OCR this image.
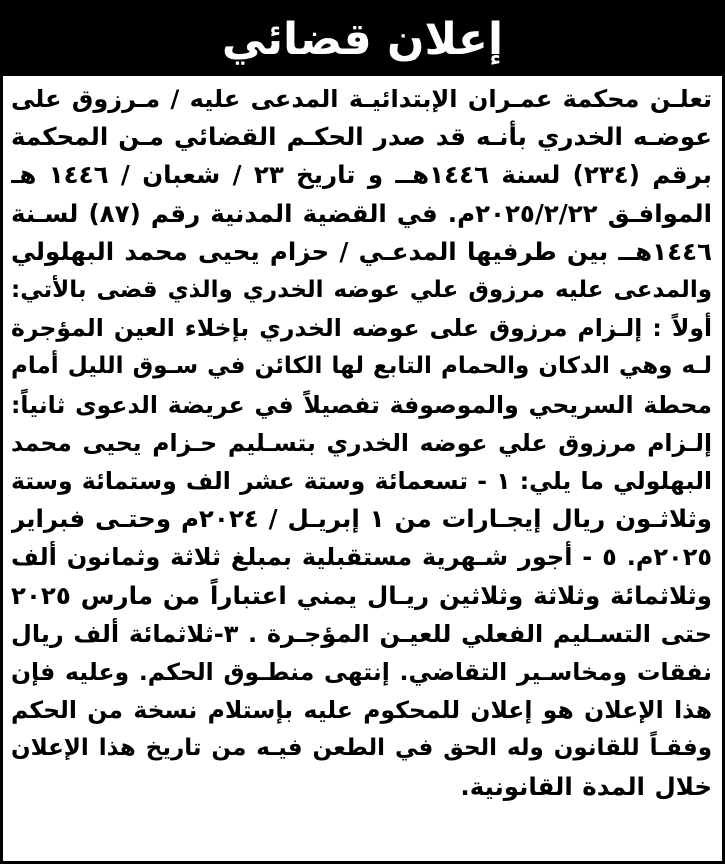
إعلان قضائي
تعلـن محكمة عمـران الإبتدائيـة المدعى عليه / مـرزوق على
عوضـه الخدري بأنـه قد صدر الحكـم القضائي مـن المحكمة
برقم (٢٣٤) لسنة ١٤٤٦هــ و تاريخ ٢٣ / شعبان / ١٤٤٦ هـ
الموافـق ٢٠٢٥/٢/٢٢م. في القضية المدنية رقم (٨٧) لسـنة
١٤٤٦هــ بين طرفيها المدعـي / حزام يحيى محمد البهلولي
والمدعى عليه مرزوق علي عوضه الخدري والذي قضى بالأتي:
أولاً : إلـزام مرزوق على عوضه الخدري بإخلاء العين المؤجرة
لـه وهي الدكان والحمام التابع لها الكائن في سـوق الليل أمام
محطة السريحي والموصوفة تفصيلاً في عريضة الدعوى ثانياً:
إلـزام مرزوق علي عوضه الخدري بتسـليم حـزام يحيى محمد
البهلولي ما يلي: ١ - تسعمائة وستة عشر الف وستمائة وستة
وثلاثـون ريال إيجـارات من ١ إبريـل / ٢٠٢٤م وحتـى فبراير
٢٠٢٥م. ٥ - أجور شـهرية مستقبلية بمبلغ ثلاثة وثمانون ألف
وثلاثمائة وثلاثة وثلاثين ريـال يمني اعتباراً من مارس ٢٠٢٥
حتى التسـليم الفعلي للعيـن المؤجـرة . ٣-ثلاثمائة ألف ريال
نفقات ومخاسـير التقاضي. إنتهى منطـوق الحكم. وعليه فإن
هذا الإعلان هو إعلان للمحكوم عليه بإستلام نسخة من الحكم
وفقـاً للقانون وله الحق في الطعن فيـه من تاريخ هذا الإعلان
خلال المدة القانونية.
